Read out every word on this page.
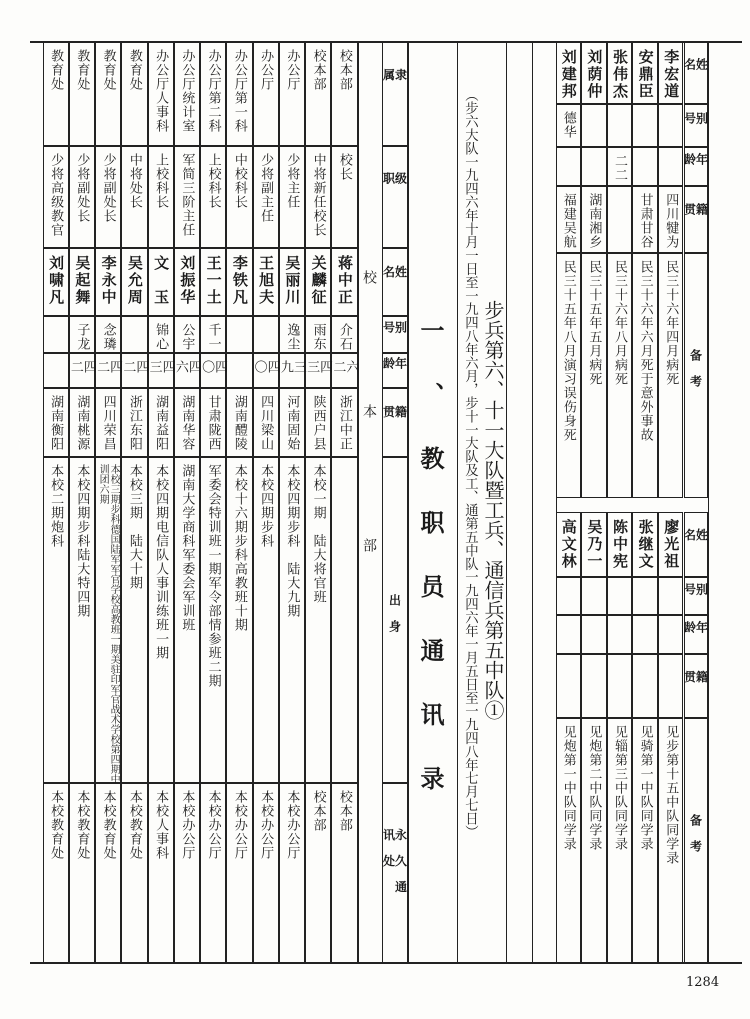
校本部 一、教职员通讯录 步兵第六、十一大队暨工兵、通信兵第五中队①
（步六大队一九四六年十月一日至一九四八年六月，步十一大队及工、通第五中队一九四六年一月五日至一九四八年七月七日）
1284
校本部
校长
蒋中正
介石
六二
浙江中正
校本部
校本部
中将新任校长
关麟征
雨东
四三
陕西户县
本校一期　陆大将官班
校本部
办公厅
少将主任
吴丽川
逸尘
三九
河南固始
本校四期步科　陆大九期
本校办公厅
办公厅
少将副主任
王旭夫
四〇
四川梁山
本校四期步科
本校办公厅
办公厅第一科
中校科长
李铁凡
湖南醴陵
本校十六期步科高教班十期
本校办公厅
办公厅第二科
上校科长
王一土
千一
四〇
甘肃陇西
军委会特训班一期军令部情参班二期
本校办公厅
办公厅统计室
军简三阶主任
刘振华
公宇
四六
湖南华容
湖南大学商科军委会军训班
本校办公厅
办公厅人事科
上校科长
文　玉
锦心
四三
湖南益阳
本校四期电信队人事训练班一期
本校人事科
教育处
中将处长
吴允周
四二
浙江东阳
本校三期　陆大十期
本校教育处
教育处
少将副处长
李永中
念璘
四二
四川荣昌
本校三期步科德国陆军军官学校高教班一期美驻印军官战术学校第四期中训团六期
本校教育处
教育处
少将副处长
吴起舞
子龙
四二
湖南桃源
本校四期步科陆大特四期
本校教育处
教育处
少将高级教官
刘啸凡
湖南衡阳
本校二期炮科
本校教育处
隶属
级职
姓名
别号
年龄
籍贯
出身
永久通讯处
李宏道
四川犍为
民三十六年四月病死
安鼎臣
甘肃甘谷
民三十六年六月死于意外事故
张伟杰
二二
民三十六年八月病死
刘荫仲
湖南湘乡
民三十五年五月病死
刘建邦
德华
福建吴航
民三十五年八月演习误伤身死
姓名
别号
年龄
籍贯
备考
廖光祖
见步第十五中队同学录
张继文
见骑第一中队同学录
陈中宪
见辎第三中队同学录
吴乃一
见炮第二中队同学录
高文林
见炮第一中队同学录
姓名
别号
年龄
籍贯
备考
